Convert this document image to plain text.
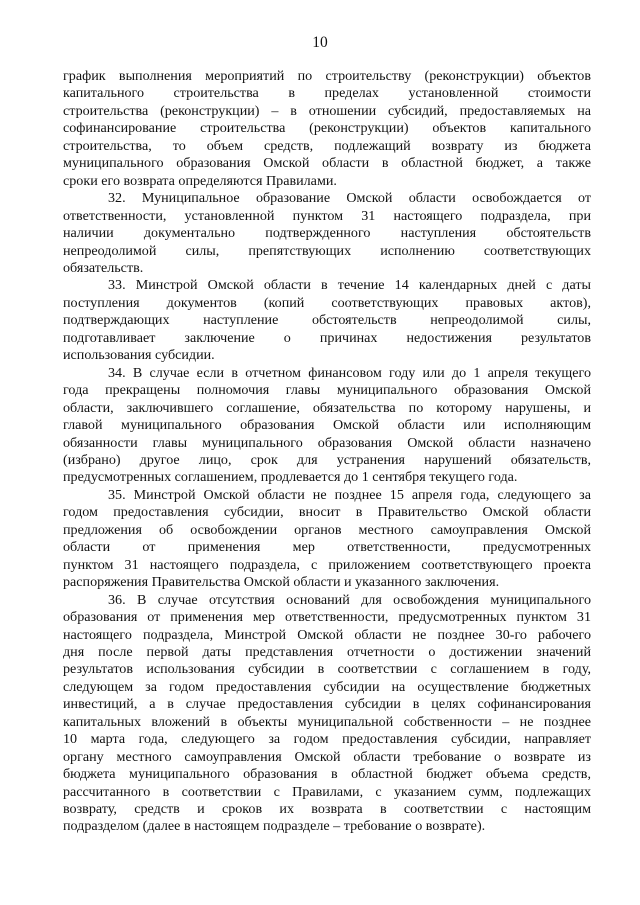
10
график выполнения мероприятий по строительству (реконструкции) объектов
капитального строительства в пределах установленной стоимости
строительства (реконструкции) – в отношении субсидий, предоставляемых на
софинансирование строительства (реконструкции) объектов капитального
строительства, то объем средств, подлежащий возврату из бюджета
муниципального образования Омской области в областной бюджет, а также
сроки его возврата определяются Правилами.
32. Муниципальное образование Омской области освобождается от
ответственности, установленной пунктом 31 настоящего подраздела, при
наличии документально подтвержденного наступления обстоятельств
непреодолимой силы, препятствующих исполнению соответствующих
обязательств.
33. Минстрой Омской области в течение 14 календарных дней с даты
поступления документов (копий соответствующих правовых актов),
подтверждающих наступление обстоятельств непреодолимой силы,
подготавливает заключение о причинах недостижения результатов
использования субсидии.
34. В случае если в отчетном финансовом году или до 1 апреля текущего
года прекращены полномочия главы муниципального образования Омской
области, заключившего соглашение, обязательства по которому нарушены, и
главой муниципального образования Омской области или исполняющим
обязанности главы муниципального образования Омской области назначено
(избрано) другое лицо, срок для устранения нарушений обязательств,
предусмотренных соглашением, продлевается до 1 сентября текущего года.
35. Минстрой Омской области не позднее 15 апреля года, следующего за
годом предоставления субсидии, вносит в Правительство Омской области
предложения об освобождении органов местного самоуправления Омской
области от применения мер ответственности, предусмотренных
пунктом 31 настоящего подраздела, с приложением соответствующего проекта
распоряжения Правительства Омской области и указанного заключения.
36. В случае отсутствия оснований для освобождения муниципального
образования от применения мер ответственности, предусмотренных пунктом 31
настоящего подраздела, Минстрой Омской области не позднее 30-го рабочего
дня после первой даты представления отчетности о достижении значений
результатов использования субсидии в соответствии с соглашением в году,
следующем за годом предоставления субсидии на осуществление бюджетных
инвестиций, а в случае предоставления субсидии в целях софинансирования
капитальных вложений в объекты муниципальной собственности – не позднее
10 марта года, следующего за годом предоставления субсидии, направляет
органу местного самоуправления Омской области требование о возврате из
бюджета муниципального образования в областной бюджет объема средств,
рассчитанного в соответствии с Правилами, с указанием сумм, подлежащих
возврату, средств и сроков их возврата в соответствии с настоящим
подразделом (далее в настоящем подразделе – требование о возврате).
